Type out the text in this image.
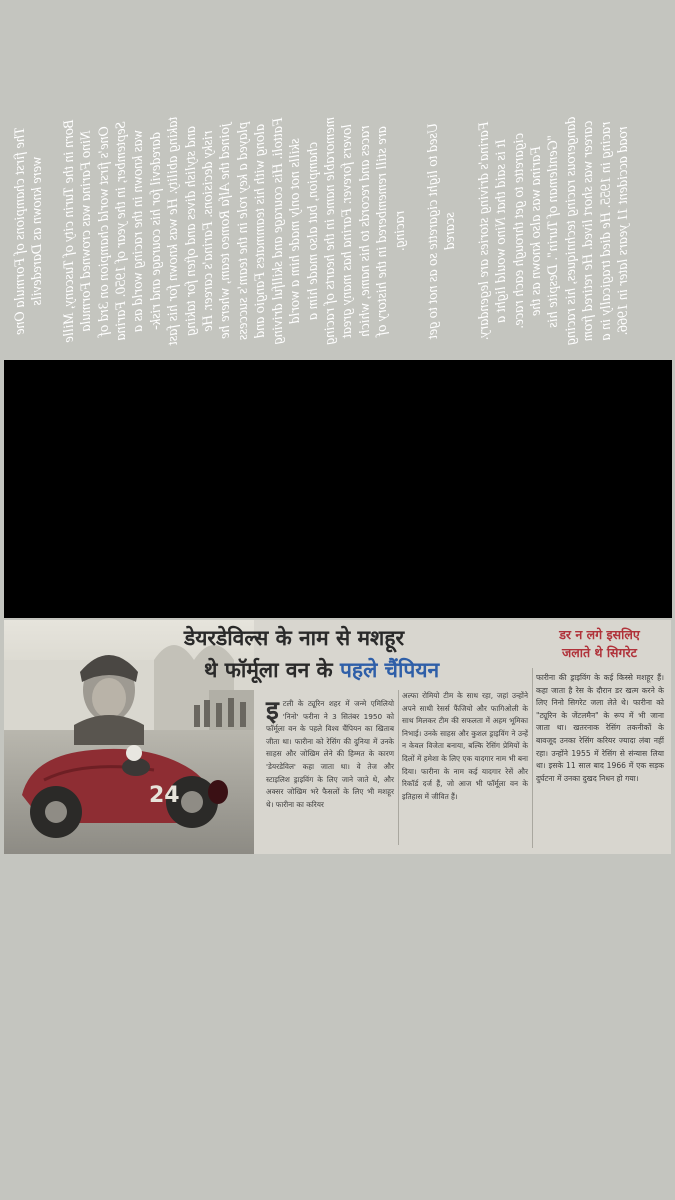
The first champions of Formula One were known as Daredevils Born in the Turin city of Tuscany, Mille Nino Farina was crowned Formula One's first world champion on 3rd of September, in the year of 1950. Farina was known in the racing world as a daredevil for his courage and risk-taking ability. He was known for his fast and stylish dives and often for taking risky decisions. Farina's career. He joined the Alfa Romeo team, where he played a key role in the team's success along with his teammates Fangio and Fattoli. His courage and skillful driving skills not only made him a world champion, but also made him a memorable name in the hearts of racing lovers forever. Farina has many great races and records to his name, which are still remembered in the history of racing. Used to light cigarette so as not to get scared Farina's driving stories are legendary. It is said that Nino would light a cigarette to get through each race. Farina was also known as the "Gentleman of Turin". Despite his dangerous racing techniques, his racing career was short lived. He retired from racing in 1955. He died tragically in a road accident 11 years later in 1966.

24
डेयरडेविल्स के नाम से मशहूर
थे फॉर्मूला वन के पहले चैंपियन
डर न लगे इसलिए
जलाते थे सिगरेट
इटली के ट्यूरिन शहर में जन्मे एमिलियो 'निनो' फरीना ने 3 सितंबर 1950 को फॉर्मूला वन के पहले विश्व चैंपियन का खिताब जीता था। फारीना को रेसिंग की दुनिया में उनके साहस और जोखिम लेने की हिम्मत के कारण 'डेयरडेविल' कहा जाता था। वे तेज और स्टाइलिश ड्राइविंग के लिए जाने जाते थे, और अक्सर जोखिम भरे फैसलों के लिए भी मशहूर थे। फारीना का करियर
अल्फा रोमियो टीम के साथ रहा, जहां उन्होंने अपने साथी रेसर्स फैंजियो और फागिओली के साथ मिलकर टीम की सफलता में अहम भूमिका निभाई। उनके साहस और कुशल ड्राइविंग ने उन्हें न केवल विजेता बनाया, बल्कि रेसिंग प्रेमियों के दिलों में हमेशा के लिए एक यादगार नाम भी बना दिया। फारीना के नाम कई यादगार रेसें और रिकॉर्ड दर्ज हैं, जो आज भी फॉर्मूला वन के इतिहास में जीवित हैं।
फारीना की ड्राइविंग के कई किस्से मशहूर हैं। कहा जाता है रेस के दौरान डर खत्म करने के लिए निनो सिगरेट जला लेते थे। फारीना को "ट्यूरिन के जेंटलमैन" के रूप में भी जाना जाता था। खतरनाक रेसिंग तकनीकों के बावजूद उनका रेसिंग करियर ज्यादा लंबा नहीं रहा। उन्होंने 1955 में रेसिंग से संन्यास लिया था। इसके 11 साल बाद 1966 में एक सड़क दुर्घटना में उनका दुखद निधन हो गया।
